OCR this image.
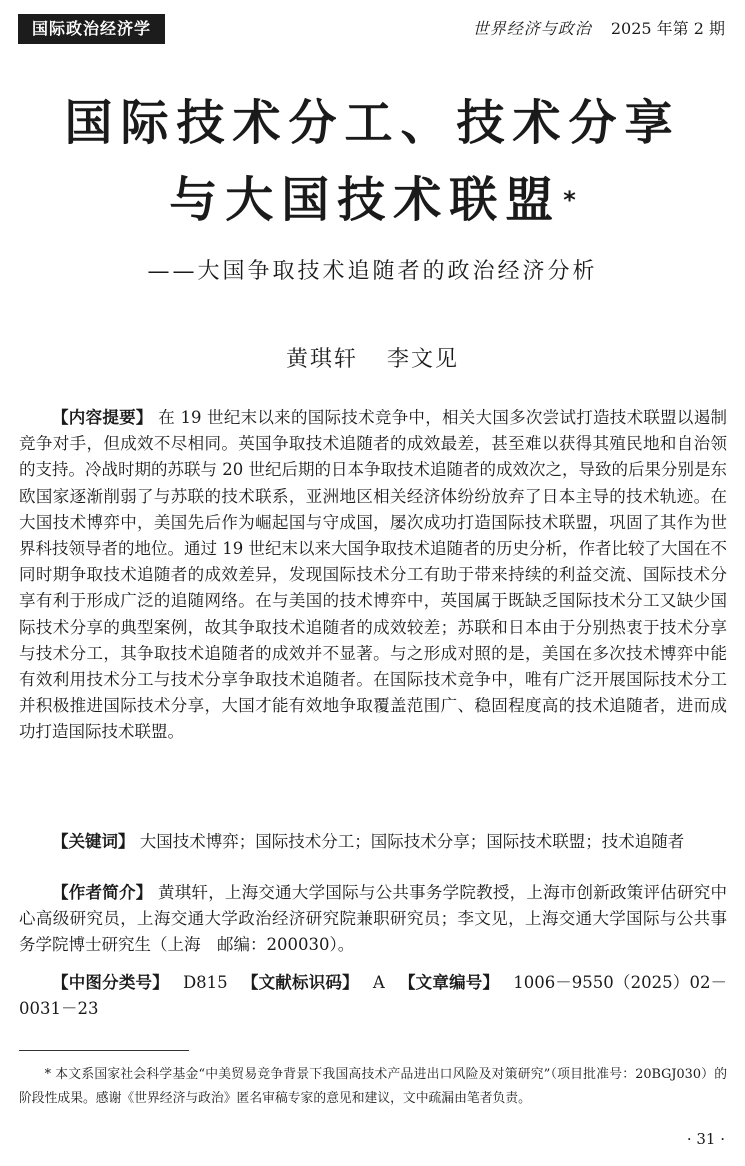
国际政治经济学	世界经济与政治 2025 年第 2 期
国际技术分工、技术分享
与大国技术联盟*
——大国争取技术追随者的政治经济分析
黄琪轩 李文见

【内容提要】 在 19 世纪末以来的国际技术竞争中，相关大国多次尝试打造技术联盟以遏制竞争对手，但成效不尽相同。英国争取技术追随者的成效最差，甚至难以获得其殖民地和自治领的支持。冷战时期的苏联与 20 世纪后期的日本争取技术追随者的成效次之，导致的后果分别是东欧国家逐渐削弱了与苏联的技术联系，亚洲地区相关经济体纷纷放弃了日本主导的技术轨迹。在大国技术博弈中，美国先后作为崛起国与守成国，屡次成功打造国际技术联盟，巩固了其作为世界科技领导者的地位。通过 19 世纪末以来大国争取技术追随者的历史分析，作者比较了大国在不同时期争取技术追随者的成效差异，发现国际技术分工有助于带来持续的利益交流、国际技术分享有利于形成广泛的追随网络。在与美国的技术博弈中，英国属于既缺乏国际技术分工又缺少国际技术分享的典型案例，故其争取技术追随者的成效较差；苏联和日本由于分别热衷于技术分享与技术分工，其争取技术追随者的成效并不显著。与之形成对照的是，美国在多次技术博弈中能有效利用技术分工与技术分享争取技术追随者。在国际技术竞争中，唯有广泛开展国际技术分工并积极推进国际技术分享，大国才能有效地争取覆盖范围广、稳固程度高的技术追随者，进而成功打造国际技术联盟。

【关键词】 大国技术博弈；国际技术分工；国际技术分享；国际技术联盟；技术追随者

【作者简介】 黄琪轩，上海交通大学国际与公共事务学院教授，上海市创新政策评估研究中心高级研究员，上海交通大学政治经济研究院兼职研究员；李文见，上海交通大学国际与公共事务学院博士研究生（上海　邮编：200030）。

【中图分类号】 D815 【文献标识码】 A 【文章编号】 1006－9550（2025）02－0031－23

* 本文系国家社会科学基金“中美贸易竞争背景下我国高技术产品进出口风险及对策研究”（项目批准号：20BGJ030）的阶段性成果。感谢《世界经济与政治》匿名审稿专家的意见和建议，文中疏漏由笔者负责。

· 31 ·
